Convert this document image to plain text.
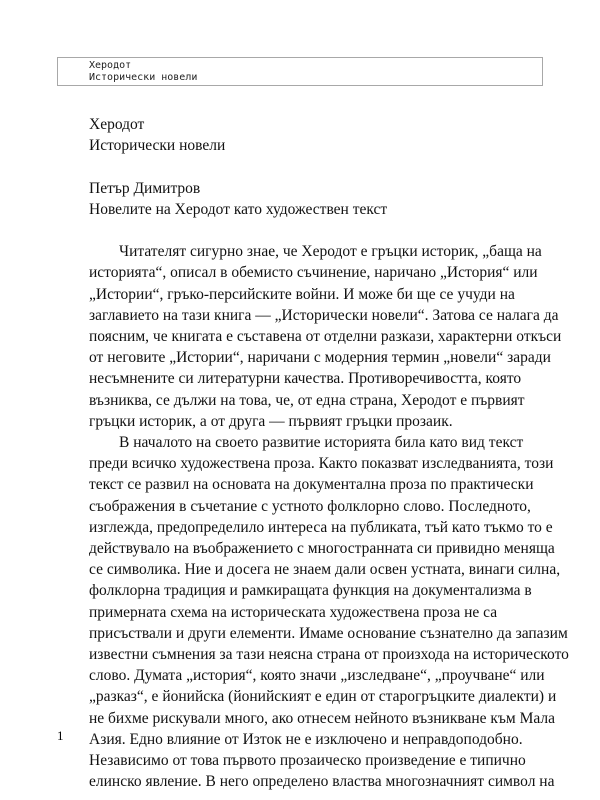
Херодот
Исторически новели
Херодот
Исторически новели
Петър Димитров
Новелите на Херодот като художествен текст
Читателят сигурно знае, че Херодот е гръцки историк, „баща на
историята“, описал в обемисто съчинение, наричано „История“ или
„Истории“, гръко-персийските войни. И може би ще се учуди на
заглавието на тази книга — „Исторически новели“. Затова се налага да
поясним, че книгата е съставена от отделни разкази, характерни откъси
от неговите „Истории“, наричани с модерния термин „новели“ заради
несъмнените си литературни качества. Противоречивостта, която
възниква, се дължи на това, че, от една страна, Херодот е първият
гръцки историк, а от друга — първият гръцки прозаик.
В началото на своето развитие историята била като вид текст
преди всичко художествена проза. Както показват изследванията, този
текст се развил на основата на документална проза по практически
съображения в съчетание с устното фолклорно слово. Последното,
изглежда, предопределило интереса на публиката, тъй като тъкмо то е
действувало на въображението с многостранната си привидно меняща
се символика. Ние и досега не знаем дали освен устната, винаги силна,
фолклорна традиция и рамкиращата функция на документализма в
примерната схема на историческата художествена проза не са
присъствали и други елементи. Имаме основание съзнателно да запазим
известни съмнения за тази неясна страна от произхода на историческото
слово. Думата „история“, която значи „изследване“, „проучване“ или
„разказ“, е йонийска (йонийският е един от старогръцките диалекти) и
не бихме рискували много, ако отнесем нейното възникване към Мала
Азия. Едно влияние от Изток не е изключено и неправдоподобно.
Независимо от това първото прозаическо произведение е типично
елинско явление. В него определено властва многозначният символ на
1
